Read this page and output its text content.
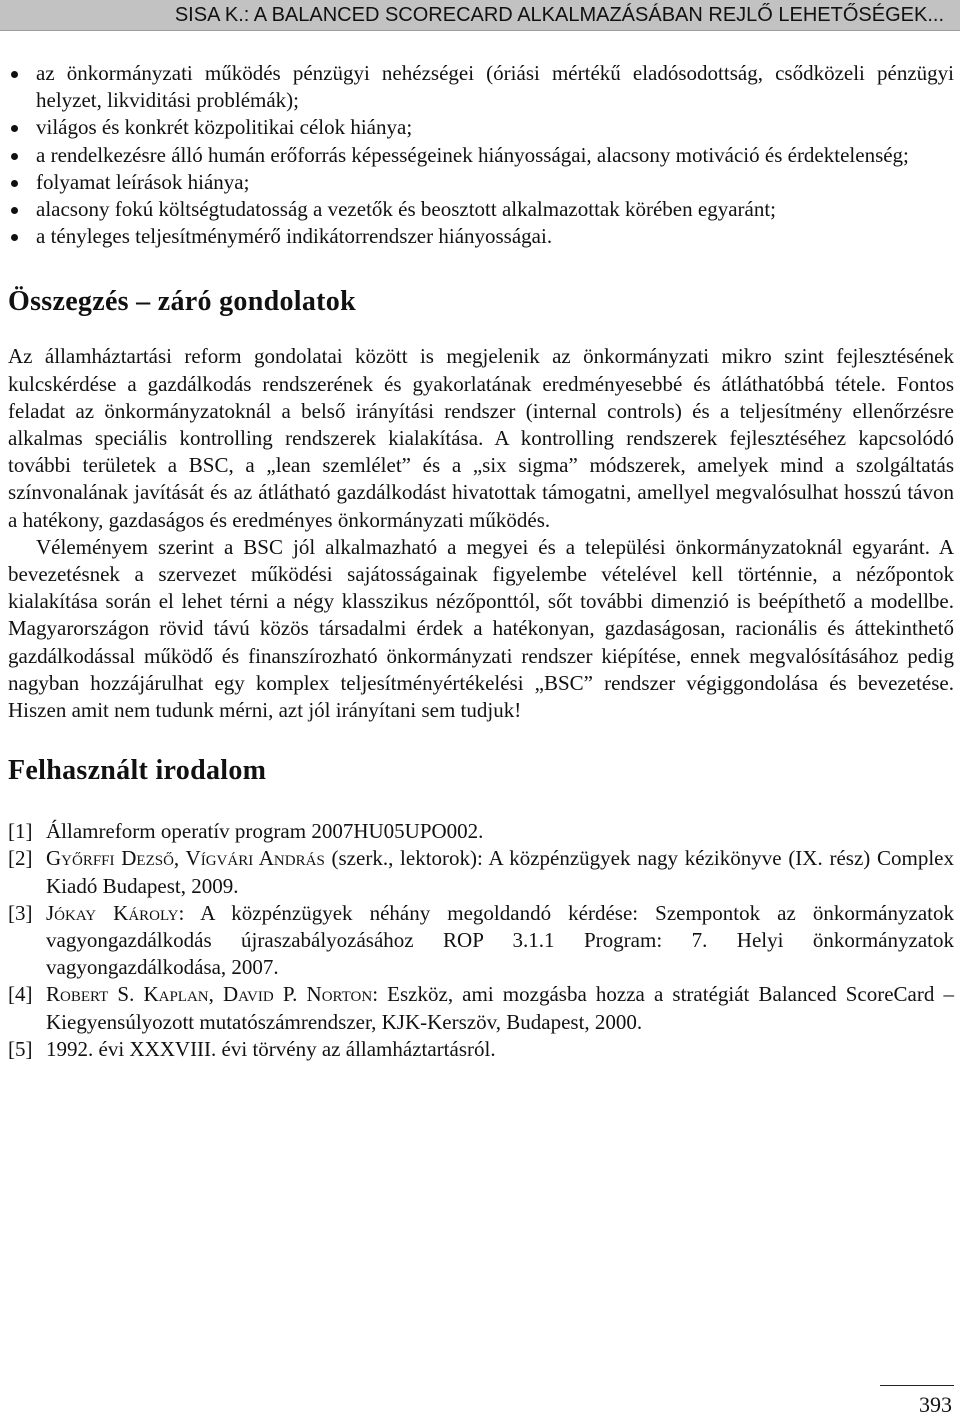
SISA K.: A BALANCED SCORECARD ALKALMAZÁSÁBAN REJLŐ LEHETŐSÉGEK...
az önkormányzati működés pénzügyi nehézségei (óriási mértékű eladósodottság, csődközeli pénzügyi helyzet, likviditási problémák);
világos és konkrét közpolitikai célok hiánya;
a rendelkezésre álló humán erőforrás képességeinek hiányosságai, alacsony motiváció és érdektelenség;
folyamat leírások hiánya;
alacsony fokú költségtudatosság a vezetők és beosztott alkalmazottak körében egyaránt;
a tényleges teljesítménymérő indikátorrendszer hiányosságai.
Összegzés – záró gondolatok

Az államháztartási reform gondolatai között is megjelenik az önkormányzati mikro szint fejlesztésének kulcskérdése a gazdálkodás rendszerének és gyakorlatának eredményesebbé és átláthatóbbá tétele. Fontos feladat az önkormányzatoknál a belső irányítási rendszer (internal controls) és a teljesítmény ellenőrzésre alkalmas speciális kontrolling rendszerek kialakítása. A kontrolling rendszerek fejlesztéséhez kapcsolódó további területek a BSC, a „lean szemlélet” és a „six sigma” módszerek, amelyek mind a szolgáltatás színvonalának javítását és az átlátható gazdálkodást hivatottak támogatni, amellyel megvalósulhat hosszú távon a hatékony, gazdaságos és eredményes önkormányzati működés.

Véleményem szerint a BSC jól alkalmazható a megyei és a települési önkormányzatoknál egyaránt. A bevezetésnek a szervezet működési sajátosságainak figyelembe vételével kell történnie, a nézőpontok kialakítása során el lehet térni a négy klasszikus nézőponttól, sőt további dimenzió is beépíthető a modellbe. Magyarországon rövid távú közös társadalmi érdek a hatékonyan, gazdaságosan, racionális és áttekinthető gazdálkodással működő és finanszírozható önkormányzati rendszer kiépítése, ennek megvalósításához pedig nagyban hozzájárulhat egy komplex teljesítményértékelési „BSC” rendszer végiggondolása és bevezetése. Hiszen amit nem tudunk mérni, azt jól irányítani sem tudjuk!

Felhasznált irodalom
[1] Államreform operatív program 2007HU05UPO002.
[2] Győrffi Dezső, Vígvári András (szerk., lektorok): A közpénzügyek nagy kézikönyve (IX. rész) Complex Kiadó Budapest, 2009.
[3] Jókay Károly: A közpénzügyek néhány megoldandó kérdése: Szempontok az önkormányzatok vagyongazdálkodás újraszabályozásához ROP 3.1.1 Program: 7. Helyi önkormányzatok vagyongazdálkodása, 2007.
[4] Robert S. Kaplan, David P. Norton: Eszköz, ami mozgásba hozza a stratégiát Balanced ScoreCard – Kiegyensúlyozott mutatószámrendszer, KJK-Kerszöv, Budapest, 2000.
[5] 1992. évi XXXVIII. évi törvény az államháztartásról.
393
